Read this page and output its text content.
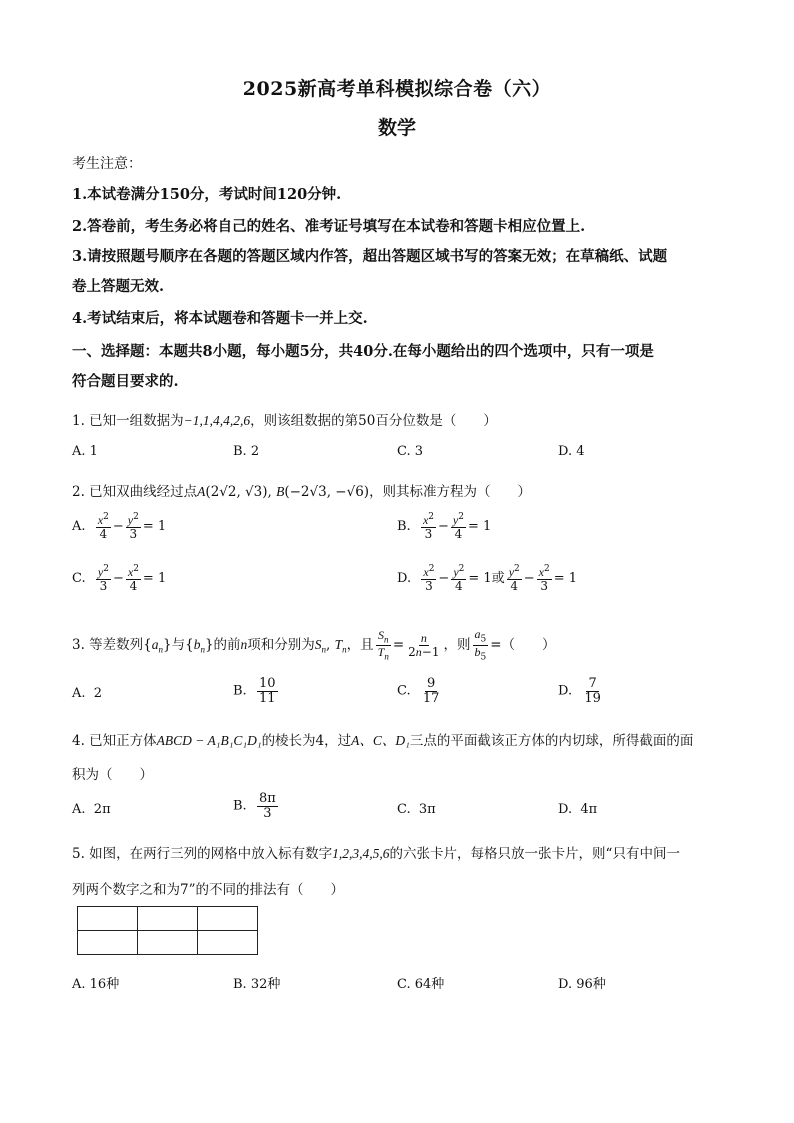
2025新高考单科模拟综合卷（六）
数学
考生注意：
1.本试卷满分150分，考试时间120分钟.
2.答卷前，考生务必将自己的姓名、准考证号填写在本试卷和答题卡相应位置上.
3.请按照题号顺序在各题的答题区域内作答，超出答题区域书写的答案无效；在草稿纸、试题
卷上答题无效.
4.考试结束后，将本试题卷和答题卡一并上交.
一、选择题：本题共8小题，每小题5分，共40分.在每小题给出的四个选项中，只有一项是
符合题目要求的.
1. 已知一组数据为−1,1,4,4,2,6，则该组数据的第50百分位数是（　　）
A. 1	B. 2	C. 3	D. 4
2. 已知双曲线经过点A(2√2, √3), B(−2√3, −√6)，则其标准方程为（　　）
A. $\frac{x^2}{4} - \frac{y^2}{3} = 1$	B. $\frac{x^2}{3} - \frac{y^2}{4} = 1$
C. $\frac{y^2}{3} - \frac{x^2}{4} = 1$	D. $\frac{x^2}{3} - \frac{y^2}{4} = 1$或 $\frac{y^2}{4} - \frac{x^2}{3} = 1$
3. 等差数列$\{a_n\}$与$\{b_n\}$的前n项和分别为$S_n$, $T_n$，且 $\frac{S_n}{T_n} = \frac{n}{2n-1}$ ，则 $\frac{a_5}{b_5}$ =（　　）
A. 2	B. $\frac{10}{11}$	C. $\frac{9}{17}$	D. $\frac{7}{19}$
4. 已知正方体ABCD − A₁B₁C₁D₁的棱长为4，过A、C、D₁三点的平面截该正方体的内切球，所得截面的面
积为（　　）
A. 2π	B. $\frac{8\pi}{3}$	C. 3π	D. 4π
5. 如图，在两行三列的网格中放入标有数字1,2,3,4,5,6的六张卡片，每格只放一张卡片，则“只有中间一
列两个数字之和为7”的不同的排法有（　　）

A. 16种	B. 32种	C. 64种	D. 96种
